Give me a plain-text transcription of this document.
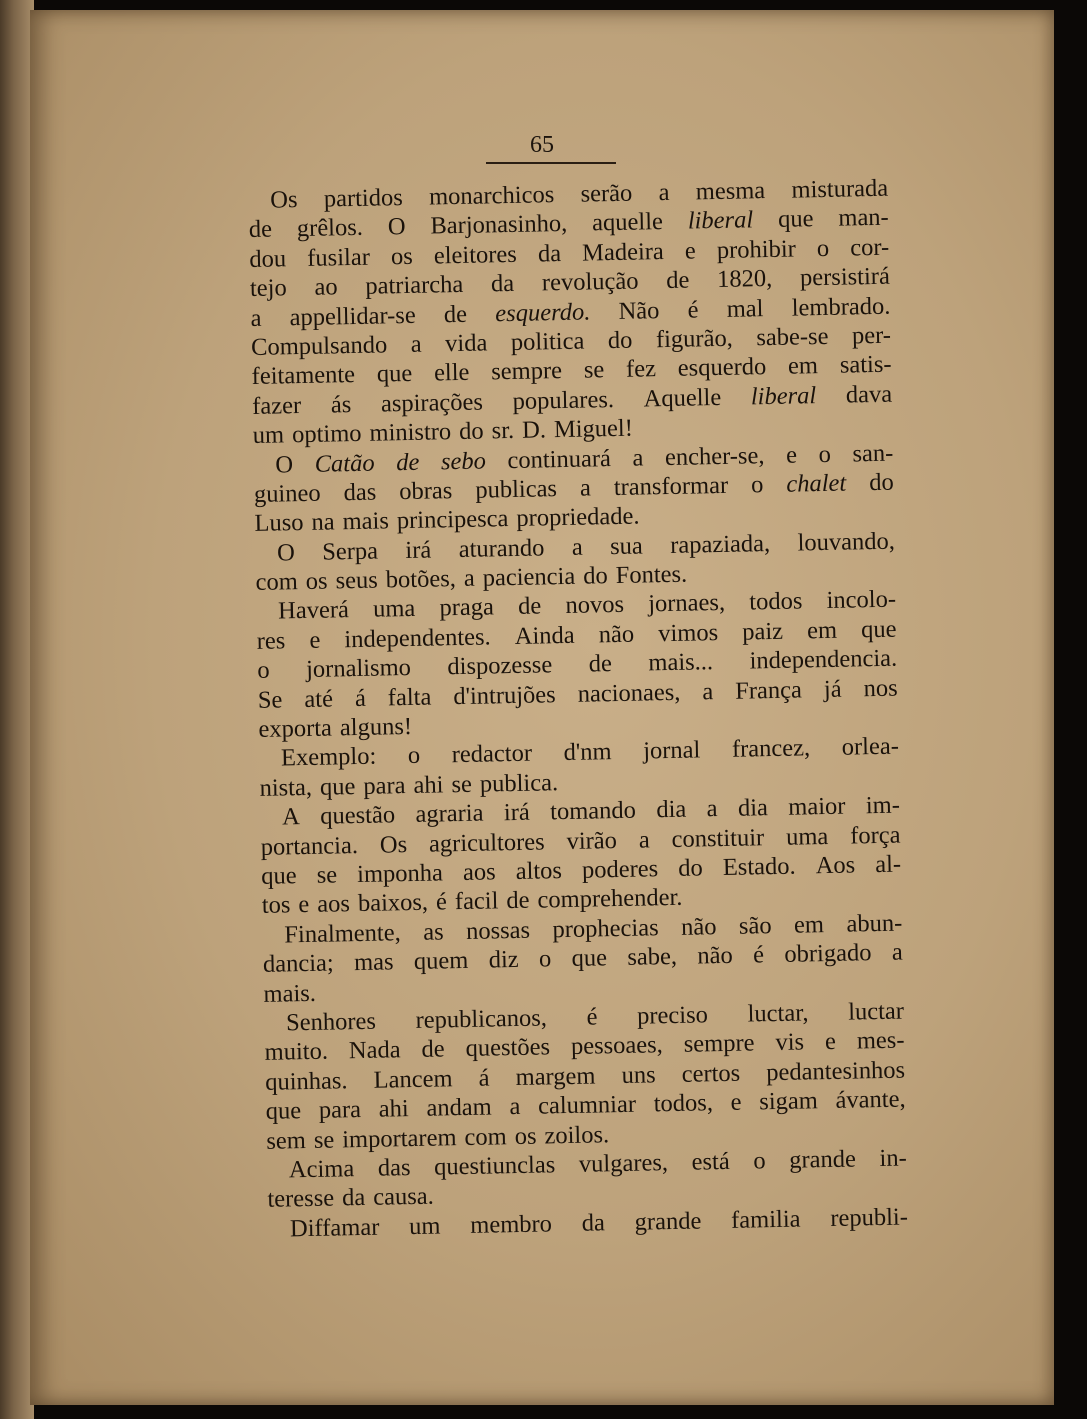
65
Os partidos monarchicos serão a mesma misturada
de grêlos. O Barjonasinho, aquelle liberal que man-
dou fusilar os eleitores da Madeira e prohibir o cor-
tejo ao patriarcha da revolução de 1820, persistirá
a appellidar-se de esquerdo. Não é mal lembrado.
Compulsando a vida politica do figurão, sabe-se per-
feitamente que elle sempre se fez esquerdo em satis-
fazer ás aspirações populares. Aquelle liberal dava
um optimo ministro do sr. D. Miguel!
O Catão de sebo continuará a encher-se, e o san-
guineo das obras publicas a transformar o chalet do
Luso na mais principesca propriedade.
O Serpa irá aturando a sua rapaziada, louvando,
com os seus botões, a paciencia do Fontes.
Haverá uma praga de novos jornaes, todos incolo-
res e independentes. Ainda não vimos paiz em que
o jornalismo dispozesse de mais... independencia.
Se até á falta d'intrujões nacionaes, a França já nos
exporta alguns!
Exemplo: o redactor d'nm jornal francez, orlea-
nista, que para ahi se publica.
A questão agraria irá tomando dia a dia maior im-
portancia. Os agricultores virão a constituir uma força
que se imponha aos altos poderes do Estado. Aos al-
tos e aos baixos, é facil de comprehender.
Finalmente, as nossas prophecias não são em abun-
dancia; mas quem diz o que sabe, não é obrigado a
mais.
Senhores republicanos, é preciso luctar, luctar
muito. Nada de questões pessoaes, sempre vis e mes-
quinhas. Lancem á margem uns certos pedantesinhos
que para ahi andam a calumniar todos, e sigam ávante,
sem se importarem com os zoilos.
Acima das questiunclas vulgares, está o grande in-
teresse da causa.
Diffamar um membro da grande familia republi-
